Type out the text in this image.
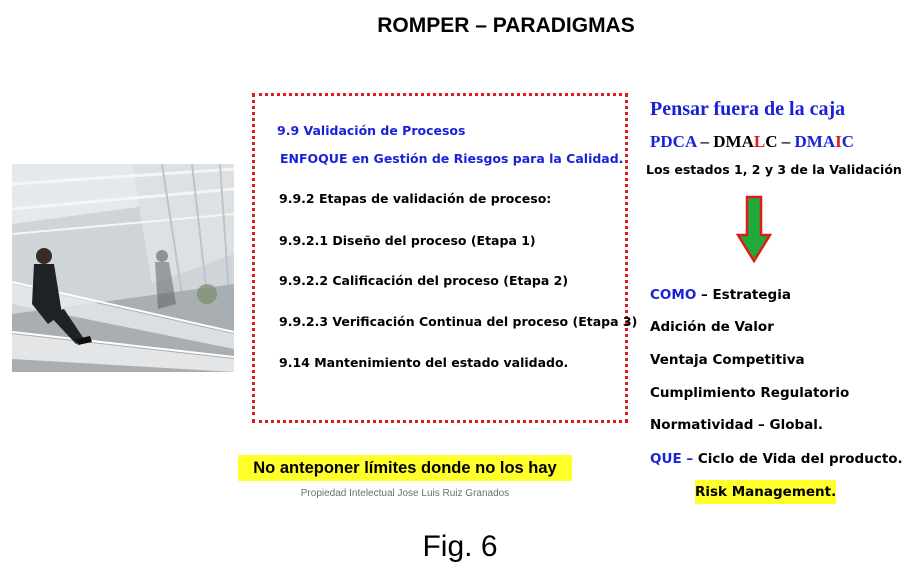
ROMPER – PARADIGMAS
9.9 Validación de Procesos
ENFOQUE en Gestión de Riesgos para la Calidad.
9.9.2 Etapas de validación de proceso:
9.9.2.1 Diseño del proceso (Etapa 1)
9.9.2.2 Calificación del proceso (Etapa 2)
9.9.2.3 Verificación Continua del proceso (Etapa 3)
9.14 Mantenimiento del estado validado.
No anteponer límites donde no los hay
Propiedad Intelectual Jose Luis Ruiz Granados
Pensar fuera de la caja
PDCA – DMALC – DMAIC
Los estados 1, 2 y 3 de la Validación
COMO – Estrategia
Adición de Valor
Ventaja Competitiva
Cumplimiento Regulatorio
Normatividad – Global.
QUE – Ciclo de Vida del producto.
Risk Management.
Fig. 6
